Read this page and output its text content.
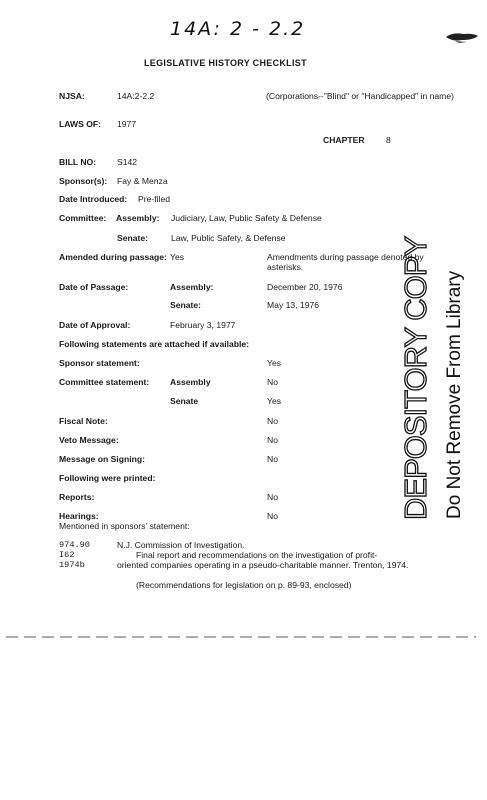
14A: 2 - 2.2
LEGISLATIVE HISTORY CHECKLIST
NJSA:	14A:2-2.2	(Corporations--"Blind" or "Handicapped" in name)
LAWS OF: 1977
CHAPTER 8
BILL NO: S142
Sponsor(s): Fay & Menza
Date Introduced: Pre-filed
Committee: Assembly: Judiciary, Law, Public Safety & Defense
Senate:	Law, Public Safety, & Defense
Amended during passage: Yes	Amendments during passage denoted by asterisks.
Date of Passage:	Assembly:	December 20, 1976
Senate:	May 13, 1976
Date of Approval:	February 3, 1977
Following statements are attached if available:
Sponsor statement:	Yes
Committee statement: Assembly	No
Senate	Yes
Fiscal Note:	No
Veto Message:	No
Message on Signing:	No
Following were printed:
Reports:	No
Hearings:	No
Mentioned in sponsors' statement:
974.90
I62
1974b
N.J. Commission of Investigation.
Final report and recommendations on the investigation of profit-
oriented companies operating in a pseudo-charitable manner. Trenton, 1974.
(Recommendations for legislation on p. 89-93, enclosed)
DEPOSITORY COPY Do Not Remove From Library
